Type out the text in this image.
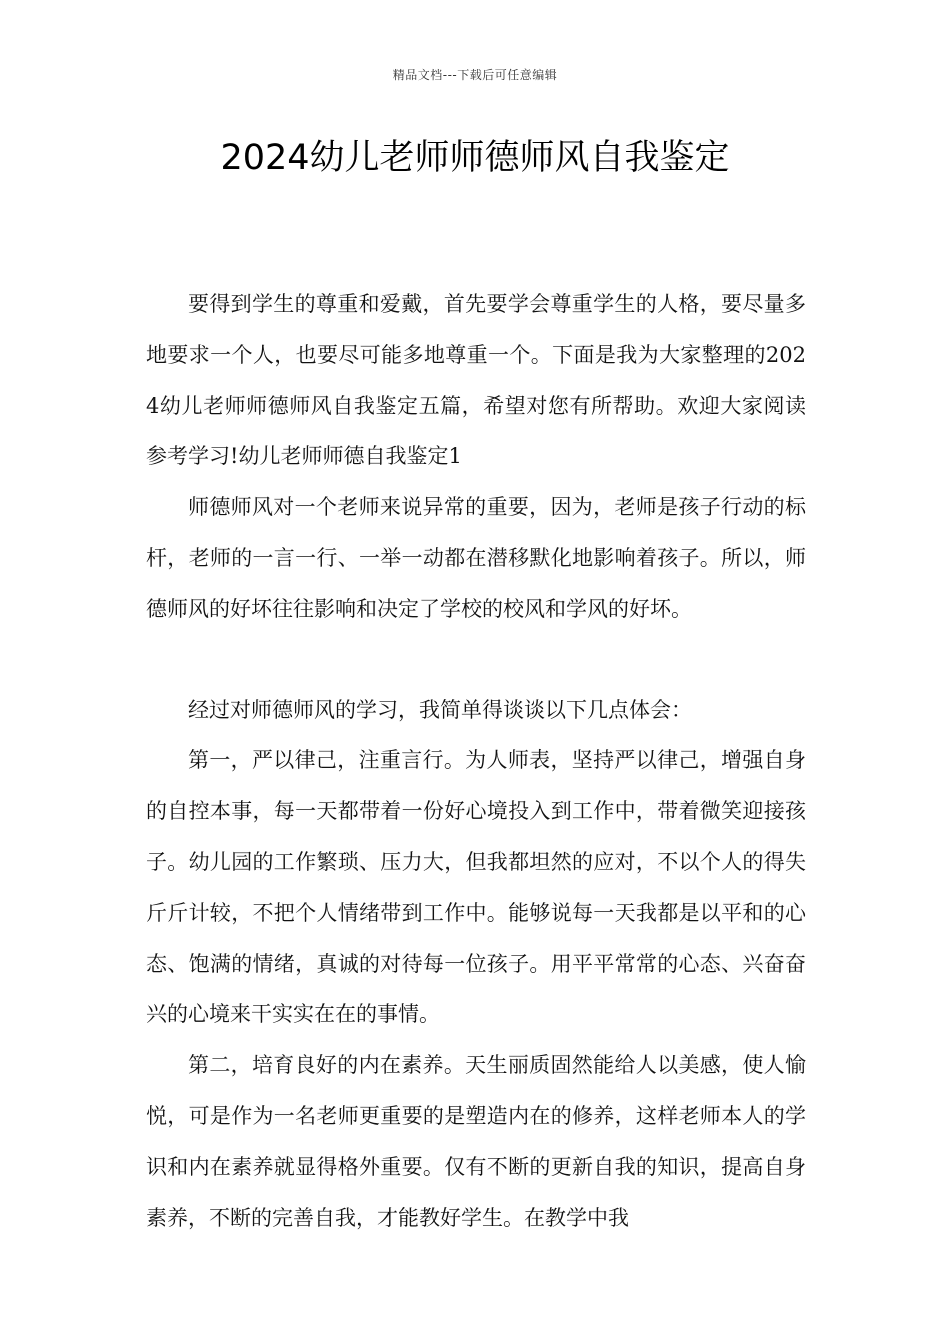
精品文档---下载后可任意编辑
2024幼儿老师师德师风自我鉴定

要得到学生的尊重和爱戴，首先要学会尊重学生的人格，要尽量多地要求一个人，也要尽可能多地尊重一个。下面是我为大家整理的2024幼儿老师师德师风自我鉴定五篇，希望对您有所帮助。欢迎大家阅读参考学习!幼儿老师师德自我鉴定1

师德师风对一个老师来说异常的重要，因为，老师是孩子行动的标杆，老师的一言一行、一举一动都在潜移默化地影响着孩子。所以，师德师风的好坏往往影响和决定了学校的校风和学风的好坏。

经过对师德师风的学习，我简单得谈谈以下几点体会：

第一，严以律己，注重言行。为人师表，坚持严以律己，增强自身的自控本事，每一天都带着一份好心境投入到工作中，带着微笑迎接孩子。幼儿园的工作繁琐、压力大，但我都坦然的应对，不以个人的得失斤斤计较，不把个人情绪带到工作中。能够说每一天我都是以平和的心态、饱满的情绪，真诚的对待每一位孩子。用平平常常的心态、兴奋奋兴的心境来干实实在在的事情。

第二，培育良好的内在素养。天生丽质固然能给人以美感，使人愉悦，可是作为一名老师更重要的是塑造内在的修养，这样老师本人的学识和内在素养就显得格外重要。仅有不断的更新自我的知识，提高自身素养，不断的完善自我，才能教好学生。在教学中我
